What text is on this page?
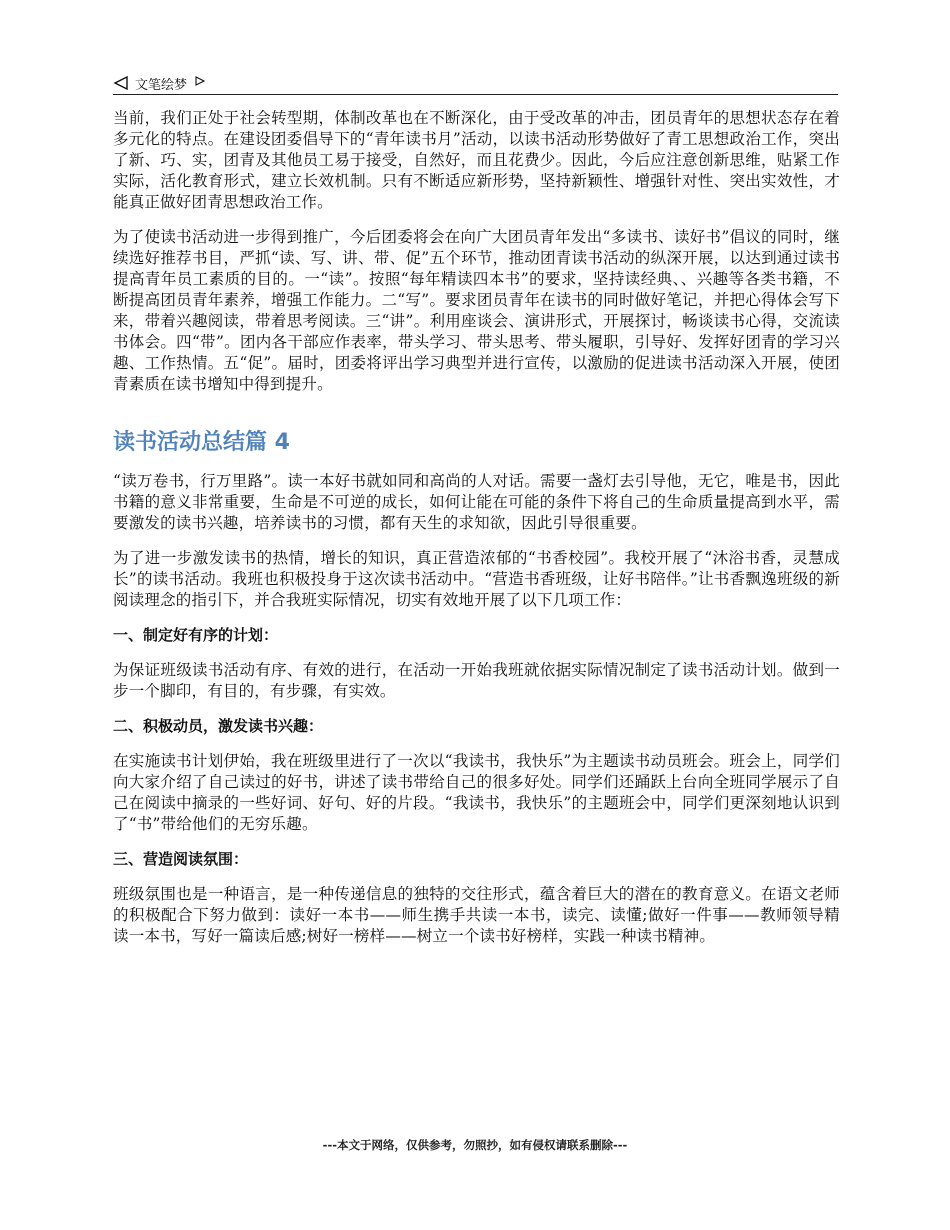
文笔绘梦

当前，我们正处于社会转型期，体制改革也在不断深化，由于受改革的冲击，团员青年的思想状态存在着多元化的特点。在建设团委倡导下的“青年读书月”活动，以读书活动形势做好了青工思想政治工作，突出了新、巧、实，团青及其他员工易于接受，自然好，而且花费少。因此，今后应注意创新思维，贴紧工作实际，活化教育形式，建立长效机制。只有不断适应新形势，坚持新颖性、增强针对性、突出实效性，才能真正做好团青思想政治工作。

为了使读书活动进一步得到推广，今后团委将会在向广大团员青年发出“多读书、读好书”倡议的同时，继续选好推荐书目，严抓“读、写、讲、带、促”五个环节，推动团青读书活动的纵深开展，以达到通过读书提高青年员工素质的目的。一“读”。按照“每年精读四本书”的要求，坚持读经典、、兴趣等各类书籍，不断提高团员青年素养，增强工作能力。二“写”。要求团员青年在读书的同时做好笔记，并把心得体会写下来，带着兴趣阅读，带着思考阅读。三“讲”。利用座谈会、演讲形式，开展探讨，畅谈读书心得，交流读书体会。四“带”。团内各干部应作表率，带头学习、带头思考、带头履职，引导好、发挥好团青的学习兴趣、工作热情。五“促”。届时，团委将评出学习典型并进行宣传，以激励的促进读书活动深入开展，使团青素质在读书增知中得到提升。

读书活动总结篇 4

“读万卷书，行万里路”。读一本好书就如同和高尚的人对话。需要一盏灯去引导他，无它，唯是书，因此书籍的意义非常重要，生命是不可逆的成长，如何让能在可能的条件下将自己的生命质量提高到水平，需要激发的读书兴趣，培养读书的习惯，都有天生的求知欲，因此引导很重要。

为了进一步激发读书的热情，增长的知识，真正营造浓郁的“书香校园”。我校开展了“沐浴书香，灵慧成长”的读书活动。我班也积极投身于这次读书活动中。“营造书香班级，让好书陪伴。”让书香飘逸班级的新阅读理念的指引下，并合我班实际情况，切实有效地开展了以下几项工作：

一、制定好有序的计划：

为保证班级读书活动有序、有效的进行，在活动一开始我班就依据实际情况制定了读书活动计划。做到一步一个脚印，有目的，有步骤，有实效。

二、积极动员，激发读书兴趣：

在实施读书计划伊始，我在班级里进行了一次以“我读书，我快乐”为主题读书动员班会。班会上，同学们向大家介绍了自己读过的好书，讲述了读书带给自己的很多好处。同学们还踊跃上台向全班同学展示了自己在阅读中摘录的一些好词、好句、好的片段。“我读书，我快乐”的主题班会中，同学们更深刻地认识到了“书”带给他们的无穷乐趣。

三、营造阅读氛围：

班级氛围也是一种语言，是一种传递信息的独特的交往形式，蕴含着巨大的潜在的教育意义。在语文老师的积极配合下努力做到：读好一本书——师生携手共读一本书，读完、读懂;做好一件事——教师领导精读一本书，写好一篇读后感;树好一榜样——树立一个读书好榜样，实践一种读书精神。

---本文于网络，仅供参考，勿照抄，如有侵权请联系删除---
